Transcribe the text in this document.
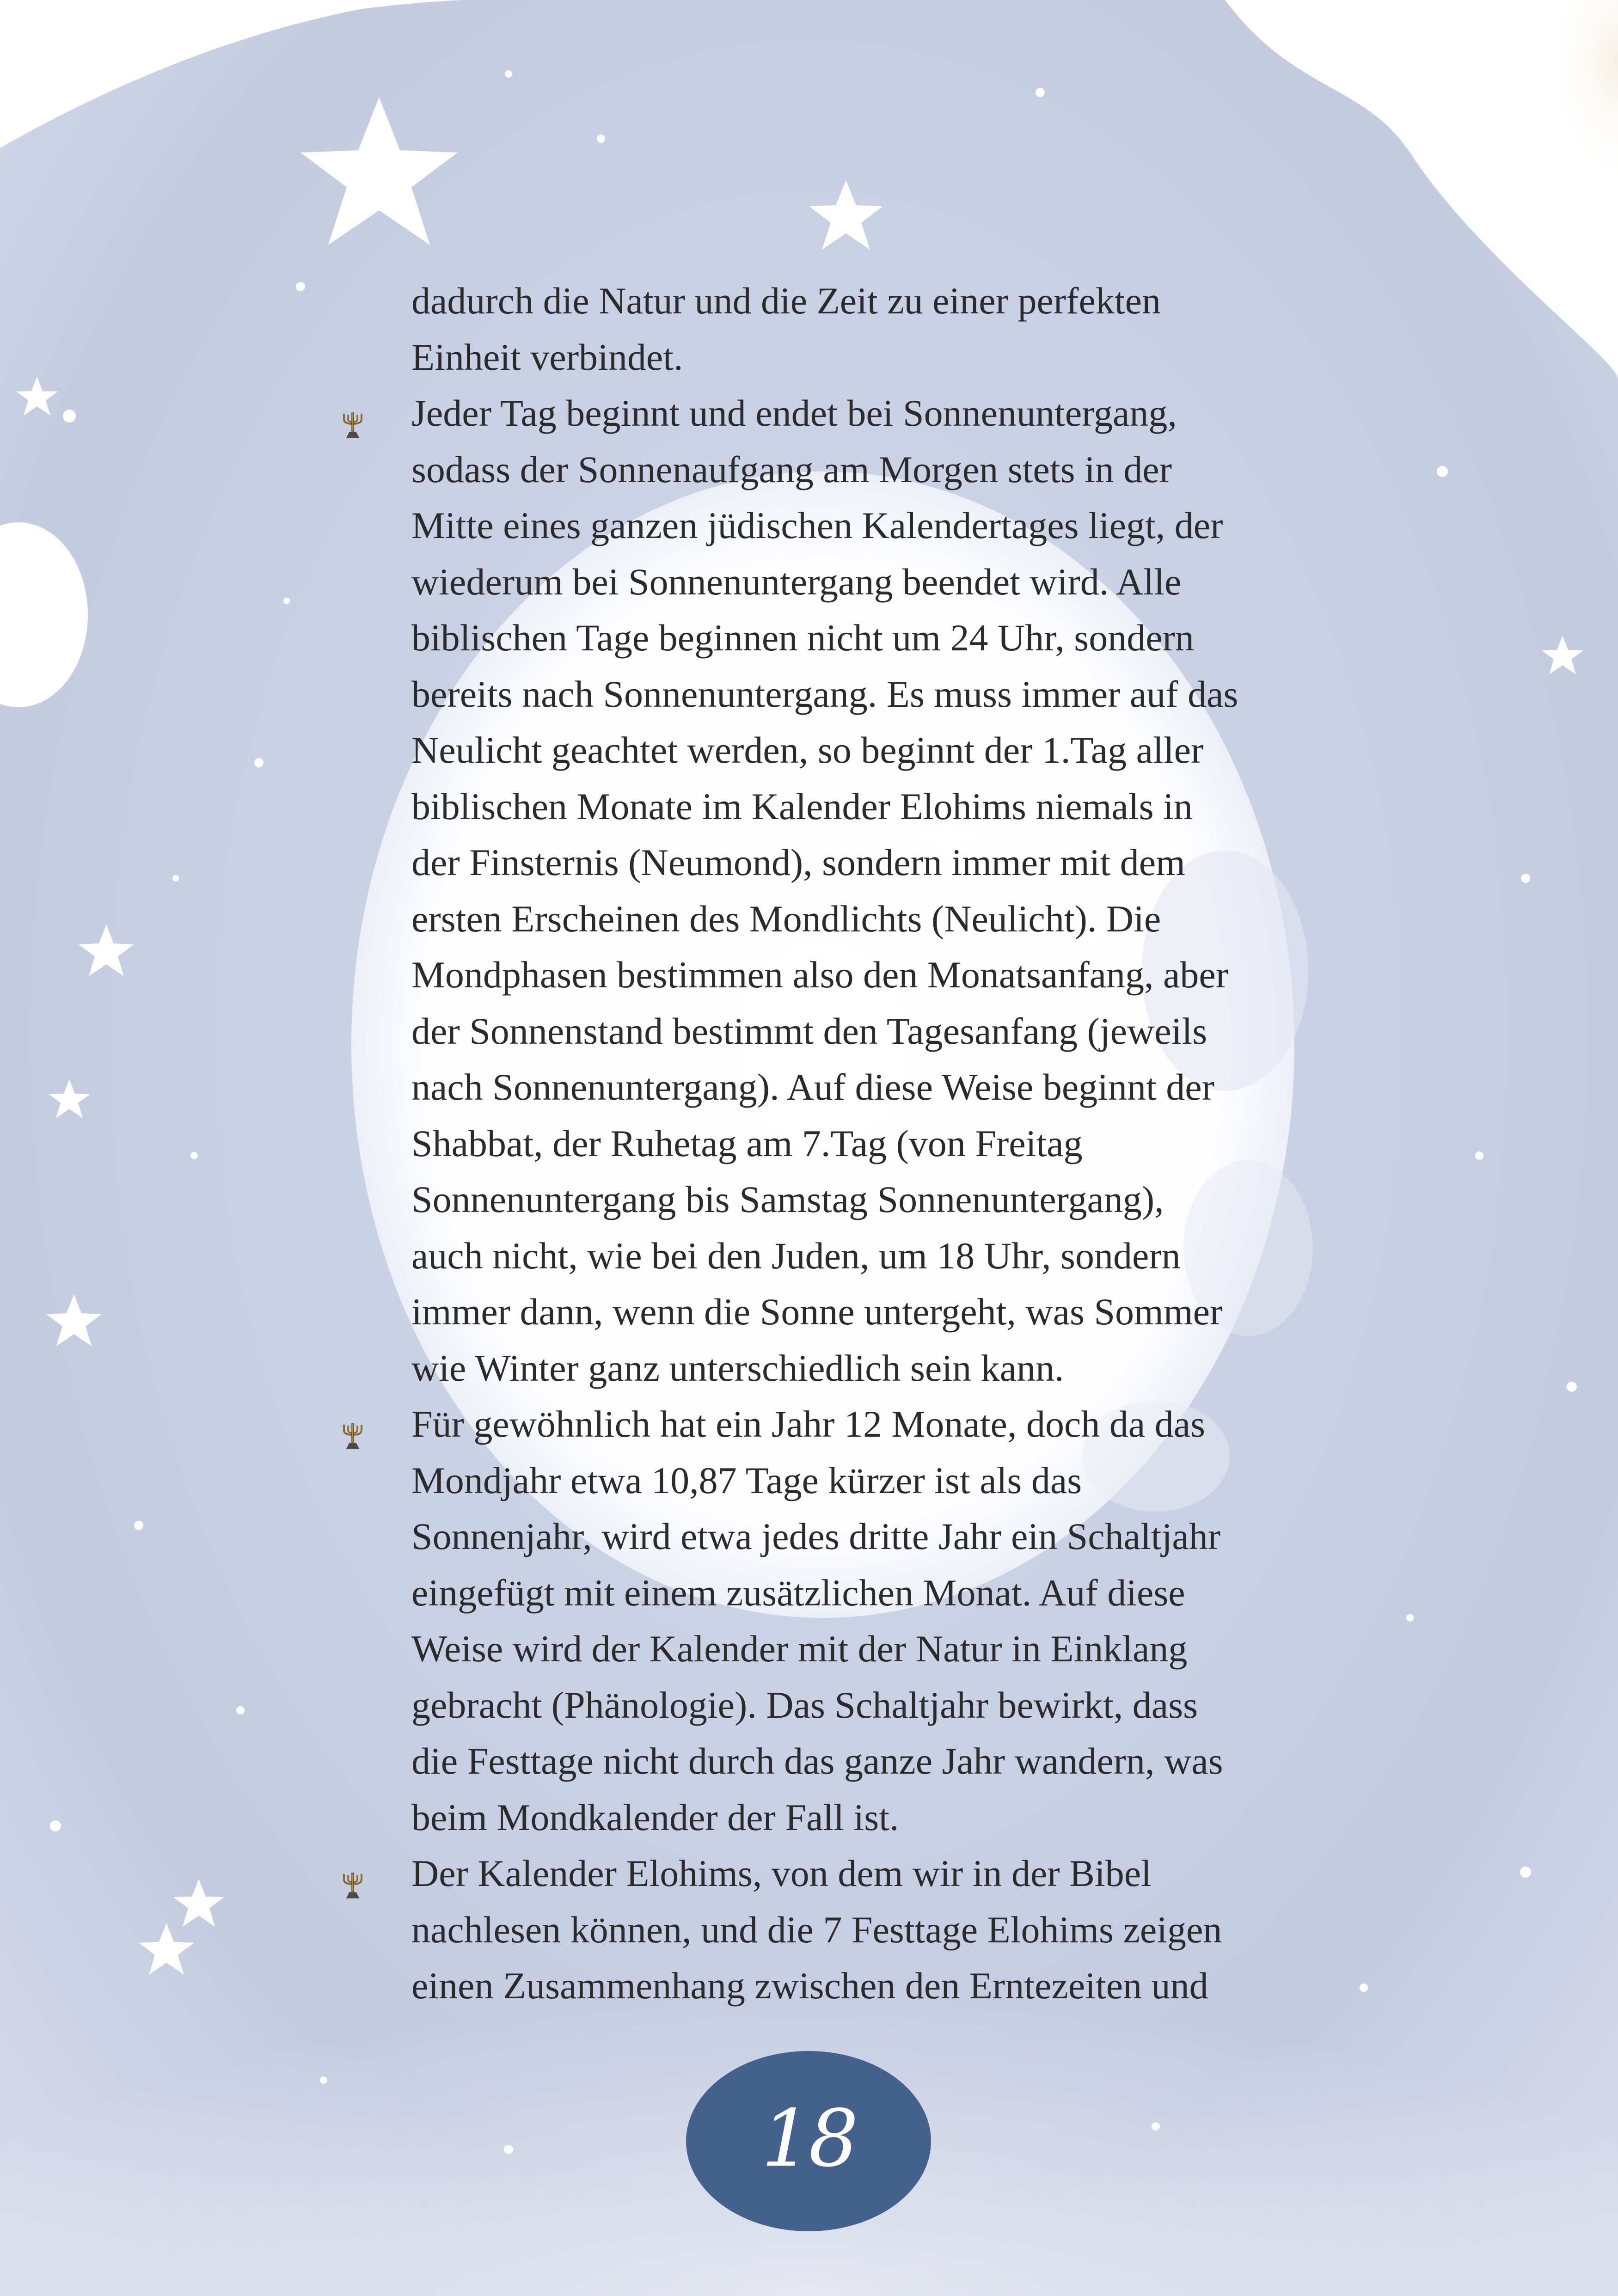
dadurch die Natur und die Zeit zu einer perfekten
Einheit verbindet.
Jeder Tag beginnt und endet bei Sonnenuntergang,
sodass der Sonnenaufgang am Morgen stets in der
Mitte eines ganzen jüdischen Kalendertages liegt, der
wiederum bei Sonnenuntergang beendet wird. Alle
biblischen Tage beginnen nicht um 24 Uhr, sondern
bereits nach Sonnenuntergang. Es muss immer auf das
Neulicht geachtet werden, so beginnt der 1.Tag aller
biblischen Monate im Kalender Elohims niemals in
der Finsternis (Neumond), sondern immer mit dem
ersten Erscheinen des Mondlichts (Neulicht). Die
Mondphasen bestimmen also den Monatsanfang, aber
der Sonnenstand bestimmt den Tagesanfang (jeweils
nach Sonnenuntergang). Auf diese Weise beginnt der
Shabbat, der Ruhetag am 7.Tag (von Freitag
Sonnenuntergang bis Samstag Sonnenuntergang),
auch nicht, wie bei den Juden, um 18 Uhr, sondern
immer dann, wenn die Sonne untergeht, was Sommer
wie Winter ganz unterschiedlich sein kann.
Für gewöhnlich hat ein Jahr 12 Monate, doch da das
Mondjahr etwa 10,87 Tage kürzer ist als das
Sonnenjahr, wird etwa jedes dritte Jahr ein Schaltjahr
eingefügt mit einem zusätzlichen Monat. Auf diese
Weise wird der Kalender mit der Natur in Einklang
gebracht (Phänologie). Das Schaltjahr bewirkt, dass
die Festtage nicht durch das ganze Jahr wandern, was
beim Mondkalender der Fall ist.
Der Kalender Elohims, von dem wir in der Bibel
nachlesen können, und die 7 Festtage Elohims zeigen
einen Zusammenhang zwischen den Erntezeiten und
18
